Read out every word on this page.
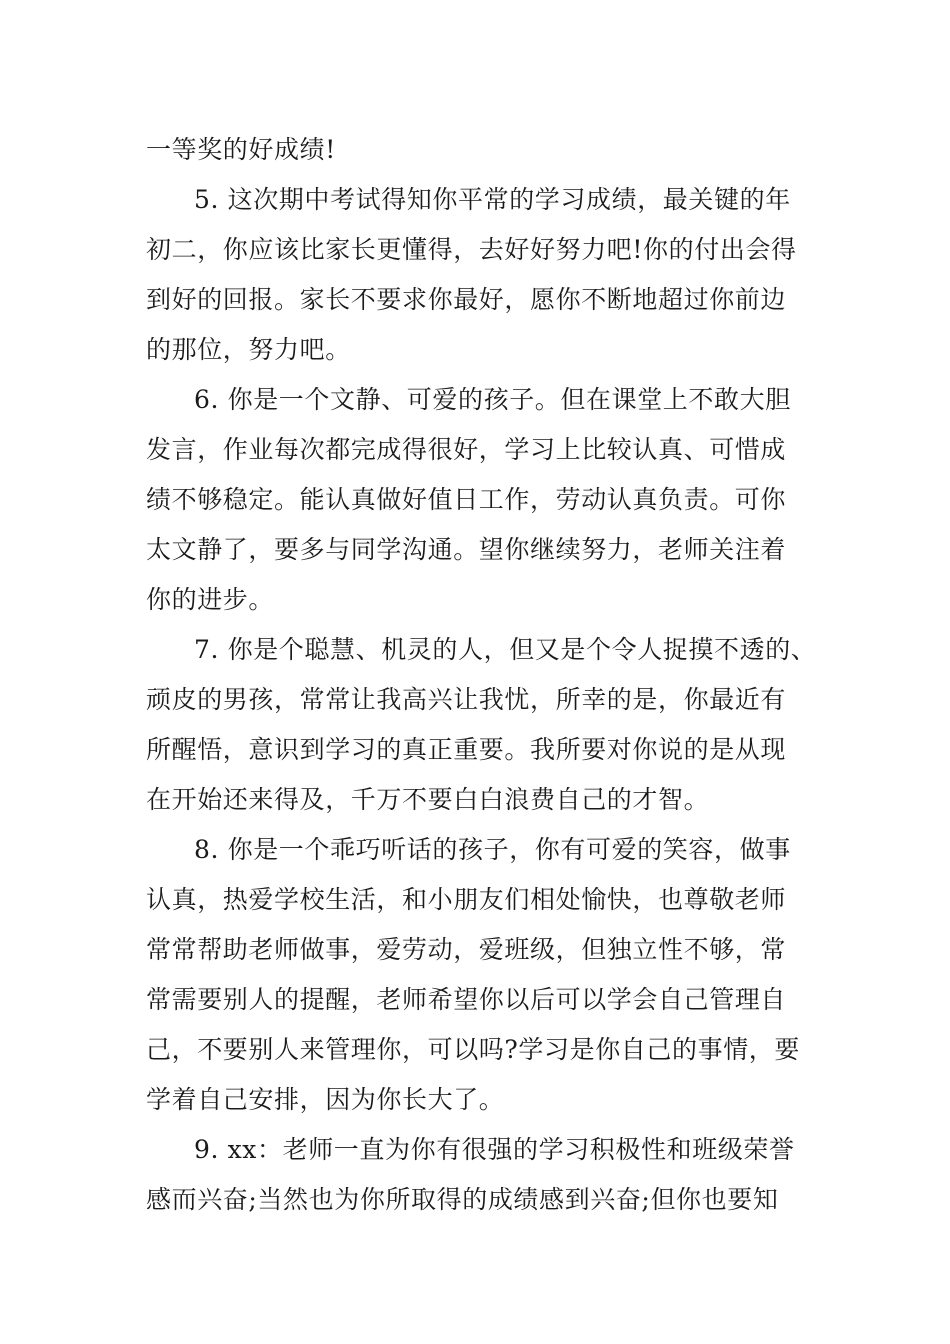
一等奖的好成绩!
5. 这次期中考试得知你平常的学习成绩，最关键的年
初二，你应该比家长更懂得，去好好努力吧!你的付出会得
到好的回报。家长不要求你最好，愿你不断地超过你前边
的那位，努力吧。
6. 你是一个文静、可爱的孩子。但在课堂上不敢大胆
发言，作业每次都完成得很好，学习上比较认真、可惜成
绩不够稳定。能认真做好值日工作，劳动认真负责。可你
太文静了，要多与同学沟通。望你继续努力，老师关注着
你的进步。
7. 你是个聪慧、机灵的人，但又是个令人捉摸不透的、
顽皮的男孩，常常让我高兴让我忧，所幸的是，你最近有
所醒悟，意识到学习的真正重要。我所要对你说的是从现
在开始还来得及，千万不要白白浪费自己的才智。
8. 你是一个乖巧听话的孩子，你有可爱的笑容，做事
认真，热爱学校生活，和小朋友们相处愉快，也尊敬老师
常常帮助老师做事，爱劳动，爱班级，但独立性不够，常
常需要别人的提醒，老师希望你以后可以学会自己管理自
己，不要别人来管理你，可以吗?学习是你自己的事情，要
学着自己安排，因为你长大了。
9. xx：老师一直为你有很强的学习积极性和班级荣誉
感而兴奋;当然也为你所取得的成绩感到兴奋;但你也要知
